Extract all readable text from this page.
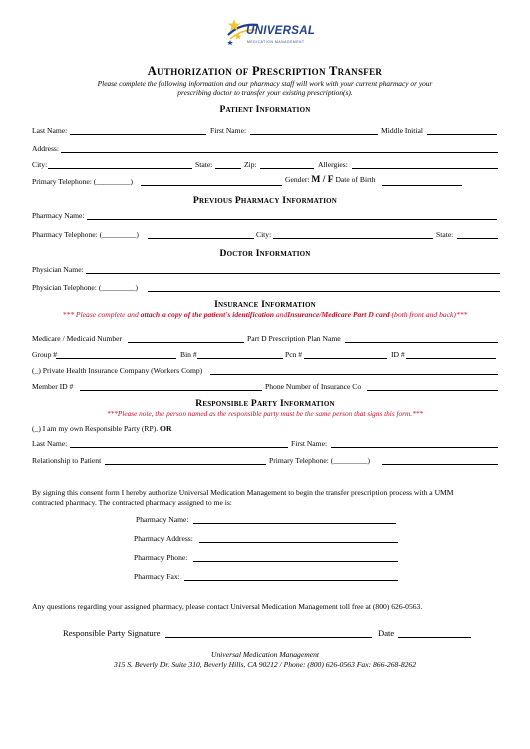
UNIVERSAL
MEDICATION MANAGEMENT
Authorization of Prescription Transfer
Please complete the following information and our pharmacy staff will work with your current pharmacy or your
prescribing doctor to transfer your existing prescription(s).
Patient Information
Last Name:	First Name:	Middle Initial
Address:
City:	State:	Zip:	Allergies:
Primary Telephone: (_________)	Gender: M / F Date of Birth
Previous Pharmacy Information
Pharmacy Name:
Pharmacy Telephone: (_________)	City:	State:
Doctor Information
Physician Name:
Physician Telephone: (_________)
Insurance Information
*** Please complete and attach a copy of the patient's identification andInsurance/Medicare Part D card (both front and back)***
Medicare / Medicaid Number	Part D Prescription Plan Name
Group #	Bin #	Pcn #	ID #
(_) Private Health Insurance Company (Workers Comp)
Member ID #	Phone Number of Insurance Co
Responsible Party Information
***Please note, the person named as the responsible party must be the same person that signs this form.***
(_) I am my own Responsible Party (RP). OR
Last Name:	First Name:
Relationship to Patient	Primary Telephone: (_________)
By signing this consent form I hereby authorize Universal Medication Management to begin the transfer prescription process with a UMM
contracted pharmacy. The contracted pharmacy assigned to me is:
Pharmacy Name:
Pharmacy Address:
Pharmacy Phone:
Pharmacy Fax:
Any questions regarding your assigned pharmacy, please contact Universal Medication Management toll free at (800) 626-0563.
Responsible Party Signature	Date
Universal Medication Management
315 S. Beverly Dr. Suite 310, Beverly Hills, CA 90212 / Phone: (800) 626-0563 Fax: 866-268-8262
